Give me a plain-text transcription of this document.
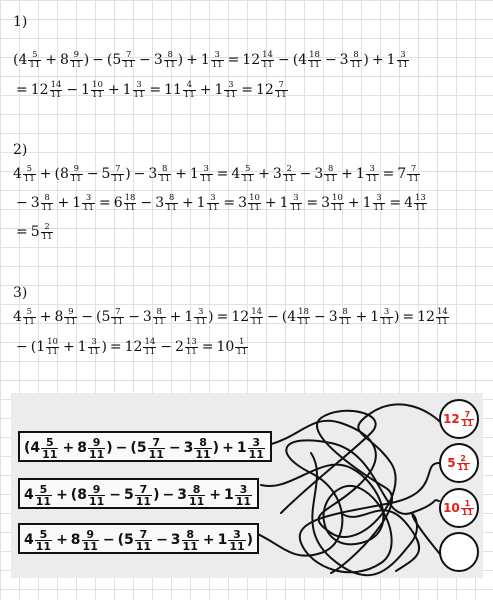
1)
($4 \frac{5}{11} + 8 \frac{9}{11}$ ) − ($5 \frac{7}{11} - 3 \frac{8}{11}$ ) + $1 \frac{3}{11} = 12 \frac{14}{11} - (4 \frac{18}{11} - 3 \frac{8}{11}$ ) + $1 \frac{3}{11}$
= $12 \frac{14}{11} - 1 \frac{10}{11} + 1 \frac{3}{11} = 11 \frac{4}{11} + 1 \frac{3}{11} = 12 \frac{7}{11}$
2)
$4 \frac{5}{11} + (8 \frac{9}{11} - 5 \frac{7}{11}$ ) − $3 \frac{8}{11} + 1 \frac{3}{11} = 4 \frac{5}{11} + 3 \frac{2}{11} - 3 \frac{8}{11} + 1 \frac{3}{11} = 7 \frac{7}{11}$
− $3 \frac{8}{11} + 1 \frac{3}{11} = 6 \frac{18}{11} - 3 \frac{8}{11} + 1 \frac{3}{11} = 3 \frac{10}{11} + 1 \frac{3}{11} = 3 \frac{10}{11} + 1 \frac{3}{11} = 4 \frac{13}{11}$
= $5 \frac{2}{11}$
3)
$4 \frac{5}{11} + 8 \frac{9}{11} - (5 \frac{7}{11} - 3 \frac{8}{11} + 1 \frac{3}{11}$ ) = $12 \frac{14}{11} - (4 \frac{18}{11} - 3 \frac{8}{11} + 1 \frac{3}{11}$ ) = $12 \frac{14}{11}$
− ($1 \frac{10}{11} + 1 \frac{3}{11}$ ) = $12 \frac{14}{11} - 2 \frac{13}{11} = 10 \frac{1}{11}$
($4 \frac{5}{11} + 8 \frac{9}{11}$ ) − ($5 \frac{7}{11} - 3 \frac{8}{11}$ ) + $1 \frac{3}{11}$
$4 \frac{5}{11} + (8 \frac{9}{11} - 5 \frac{7}{11}$ ) − $3 \frac{8}{11} + 1 \frac{3}{11}$
$4 \frac{5}{11} + 8 \frac{9}{11} - (5 \frac{7}{11} - 3 \frac{8}{11} + 1 \frac{3}{11}$ )
$12 \frac{7}{11}$
$5 \frac{2}{11}$
$10 \frac{1}{11}$
